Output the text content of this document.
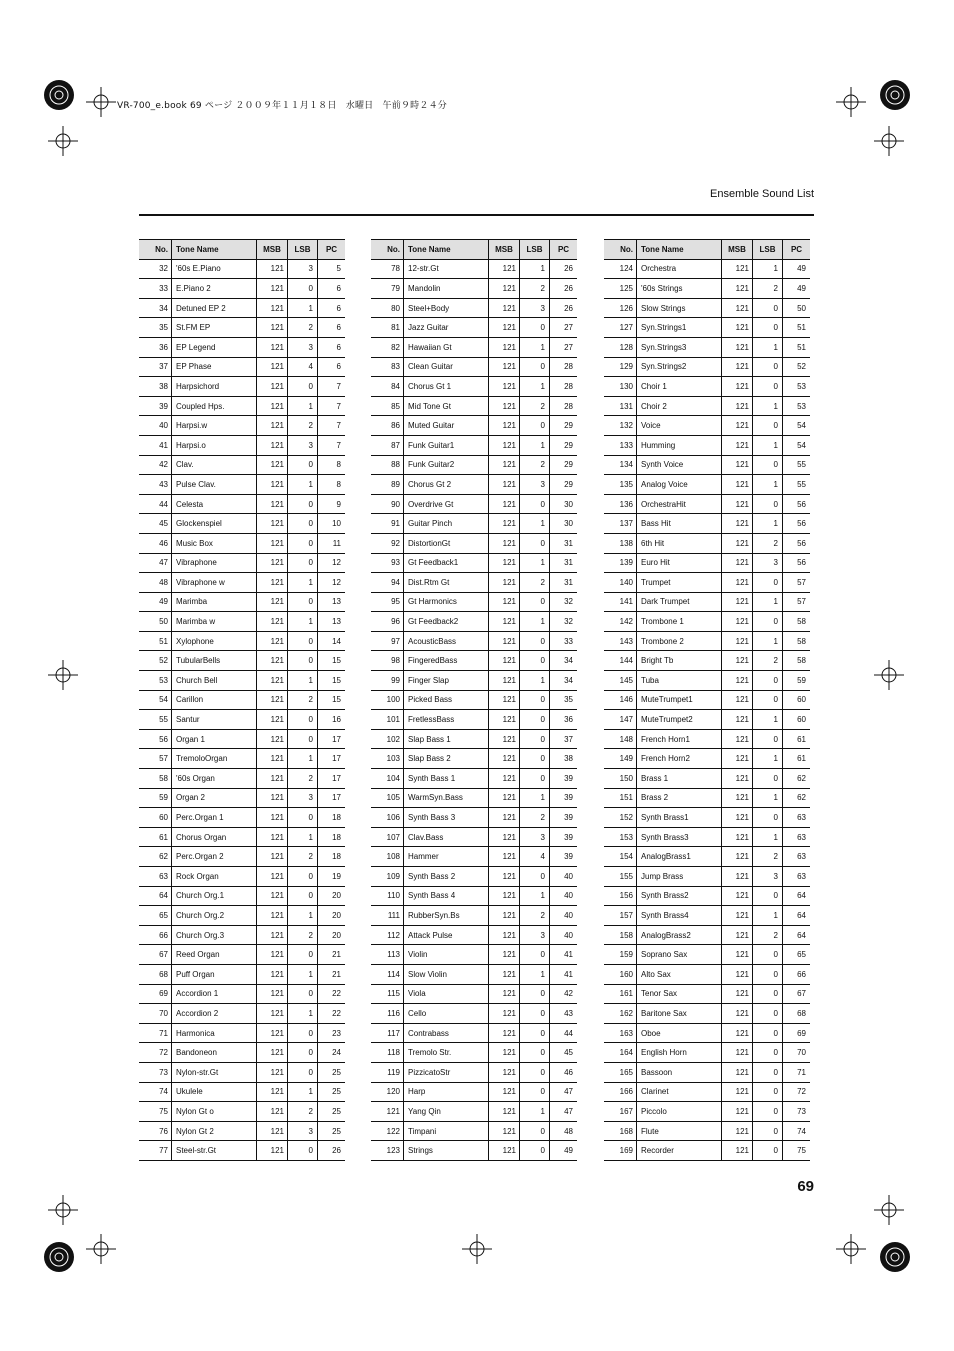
VR-700_e.book 69 ページ ２００９年１１月１８日　水曜日　午前９時２４分
Ensemble Sound List
No.	Tone Name	MSB	LSB	PC
32	'60s E.Piano	121	3	5
33	E.Piano 2	121	0	6
34	Detuned EP 2	121	1	6
35	St.FM EP	121	2	6
36	EP Legend	121	3	6
37	EP Phase	121	4	6
38	Harpsichord	121	0	7
39	Coupled Hps.	121	1	7
40	Harpsi.w	121	2	7
41	Harpsi.o	121	3	7
42	Clav.	121	0	8
43	Pulse Clav.	121	1	8
44	Celesta	121	0	9
45	Glockenspiel	121	0	10
46	Music Box	121	0	11
47	Vibraphone	121	0	12
48	Vibraphone w	121	1	12
49	Marimba	121	0	13
50	Marimba w	121	1	13
51	Xylophone	121	0	14
52	TubularBells	121	0	15
53	Church Bell	121	1	15
54	Carillon	121	2	15
55	Santur	121	0	16
56	Organ 1	121	0	17
57	TremoloOrgan	121	1	17
58	'60s Organ	121	2	17
59	Organ 2	121	3	17
60	Perc.Organ 1	121	0	18
61	Chorus Organ	121	1	18
62	Perc.Organ 2	121	2	18
63	Rock Organ	121	0	19
64	Church Org.1	121	0	20
65	Church Org.2	121	1	20
66	Church Org.3	121	2	20
67	Reed Organ	121	0	21
68	Puff Organ	121	1	21
69	Accordion 1	121	0	22
70	Accordion 2	121	1	22
71	Harmonica	121	0	23
72	Bandoneon	121	0	24
73	Nylon-str.Gt	121	0	25
74	Ukulele	121	1	25
75	Nylon Gt o	121	2	25
76	Nylon Gt 2	121	3	25
77	Steel-str.Gt	121	0	26
No.	Tone Name	MSB	LSB	PC
78	12-str.Gt	121	1	26
79	Mandolin	121	2	26
80	Steel+Body	121	3	26
81	Jazz Guitar	121	0	27
82	Hawaiian Gt	121	1	27
83	Clean Guitar	121	0	28
84	Chorus Gt 1	121	1	28
85	Mid Tone Gt	121	2	28
86	Muted Guitar	121	0	29
87	Funk Guitar1	121	1	29
88	Funk Guitar2	121	2	29
89	Chorus Gt 2	121	3	29
90	Overdrive Gt	121	0	30
91	Guitar Pinch	121	1	30
92	DistortionGt	121	0	31
93	Gt Feedback1	121	1	31
94	Dist.Rtm Gt	121	2	31
95	Gt Harmonics	121	0	32
96	Gt Feedback2	121	1	32
97	AcousticBass	121	0	33
98	FingeredBass	121	0	34
99	Finger Slap	121	1	34
100	Picked Bass	121	0	35
101	FretlessBass	121	0	36
102	Slap Bass 1	121	0	37
103	Slap Bass 2	121	0	38
104	Synth Bass 1	121	0	39
105	WarmSyn.Bass	121	1	39
106	Synth Bass 3	121	2	39
107	Clav.Bass	121	3	39
108	Hammer	121	4	39
109	Synth Bass 2	121	0	40
110	Synth Bass 4	121	1	40
111	RubberSyn.Bs	121	2	40
112	Attack Pulse	121	3	40
113	Violin	121	0	41
114	Slow Violin	121	1	41
115	Viola	121	0	42
116	Cello	121	0	43
117	Contrabass	121	0	44
118	Tremolo Str.	121	0	45
119	PizzicatoStr	121	0	46
120	Harp	121	0	47
121	Yang Qin	121	1	47
122	Timpani	121	0	48
123	Strings	121	0	49
No.	Tone Name	MSB	LSB	PC
124	Orchestra	121	1	49
125	'60s Strings	121	2	49
126	Slow Strings	121	0	50
127	Syn.Strings1	121	0	51
128	Syn.Strings3	121	1	51
129	Syn.Strings2	121	0	52
130	Choir 1	121	0	53
131	Choir 2	121	1	53
132	Voice	121	0	54
133	Humming	121	1	54
134	Synth Voice	121	0	55
135	Analog Voice	121	1	55
136	OrchestraHit	121	0	56
137	Bass Hit	121	1	56
138	6th Hit	121	2	56
139	Euro Hit	121	3	56
140	Trumpet	121	0	57
141	Dark Trumpet	121	1	57
142	Trombone 1	121	0	58
143	Trombone 2	121	1	58
144	Bright Tb	121	2	58
145	Tuba	121	0	59
146	MuteTrumpet1	121	0	60
147	MuteTrumpet2	121	1	60
148	French Horn1	121	0	61
149	French Horn2	121	1	61
150	Brass 1	121	0	62
151	Brass 2	121	1	62
152	Synth Brass1	121	0	63
153	Synth Brass3	121	1	63
154	AnalogBrass1	121	2	63
155	Jump Brass	121	3	63
156	Synth Brass2	121	0	64
157	Synth Brass4	121	1	64
158	AnalogBrass2	121	2	64
159	Soprano Sax	121	0	65
160	Alto Sax	121	0	66
161	Tenor Sax	121	0	67
162	Baritone Sax	121	0	68
163	Oboe	121	0	69
164	English Horn	121	0	70
165	Bassoon	121	0	71
166	Clarinet	121	0	72
167	Piccolo	121	0	73
168	Flute	121	0	74
169	Recorder	121	0	75
69
